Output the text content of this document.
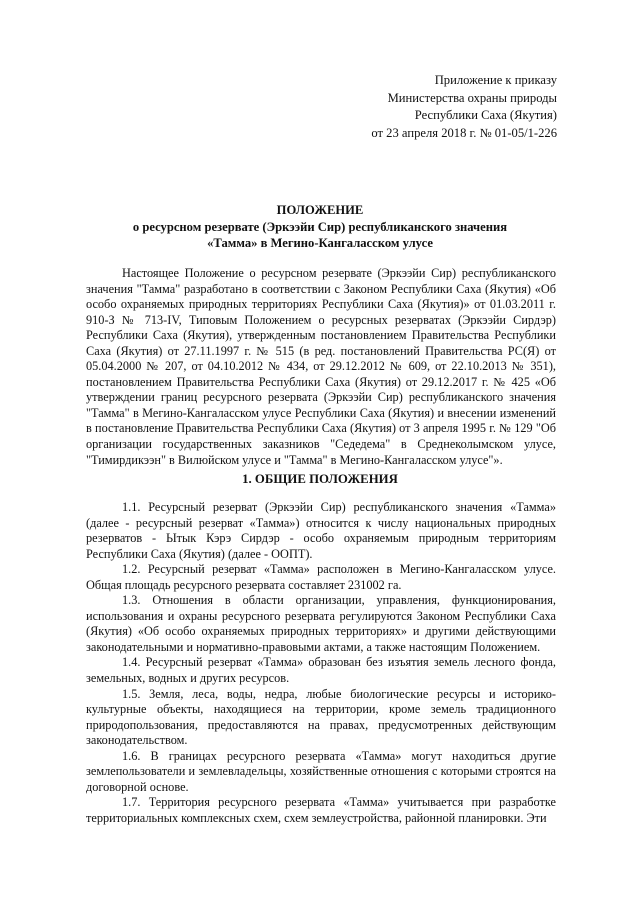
Приложение к приказу
Министерства охраны природы
Республики Саха (Якутия)
от 23 апреля 2018 г. № 01-05/1-226
ПОЛОЖЕНИЕ
о ресурсном резервате (Эркээйи Сир) республиканского значения
«Тамма» в Мегино-Кангаласском улусе

Настоящее Положение о ресурсном резервате (Эркээйи Сир) республиканского значения "Тамма" разработано в соответствии с Законом Республики Саха (Якутия) «Об особо охраняемых природных территориях Республики Саха (Якутия)» от 01.03.2011 г. 910-З № 713-IV, Типовым Положением о ресурсных резерватах (Эркээйи Сирдэр) Республики Саха (Якутия), утвержденным постановлением Правительства Республики Саха (Якутия) от 27.11.1997 г. № 515 (в ред. постановлений Правительства РС(Я) от 05.04.2000 № 207, от 04.10.2012 № 434, от 29.12.2012 № 609, от 22.10.2013 № 351), постановлением Правительства Республики Саха (Якутия) от 29.12.2017 г. № 425 «Об утверждении границ ресурсного резервата (Эркээйи Сир) республиканского значения "Тамма" в Мегино-Кангаласском улусе Республики Саха (Якутия) и внесении изменений в постановление Правительства Республики Саха (Якутия) от 3 апреля 1995 г. № 129 "Об организации государственных заказников "Седедема" в Среднеколымском улусе, "Тимирдикээн" в Вилюйском улусе и "Тамма" в Мегино-Кангаласском улусе"».

1. ОБЩИЕ ПОЛОЖЕНИЯ

1.1. Ресурсный резерват (Эркээйи Сир) республиканского значения «Тамма» (далее - ресурсный резерват «Тамма») относится к числу национальных природных резерватов - Ытык Кэрэ Сирдэр - особо охраняемым природным территориям Республики Саха (Якутия) (далее - ООПТ).

1.2. Ресурсный резерват «Тамма» расположен в Мегино-Кангаласском улусе. Общая площадь ресурсного резервата составляет 231002 га.

1.3. Отношения в области организации, управления, функционирования, использования и охраны ресурсного резервата регулируются Законом Республики Саха (Якутия) «Об особо охраняемых природных территориях» и другими действующими законодательными и нормативно-правовыми актами, а также настоящим Положением.

1.4. Ресурсный резерват «Тамма» образован без изъятия земель лесного фонда, земельных, водных и других ресурсов.

1.5. Земля, леса, воды, недра, любые биологические ресурсы и историко-культурные объекты, находящиеся на территории, кроме земель традиционного природопользования, предоставляются на правах, предусмотренных действующим законодательством.

1.6. В границах ресурсного резервата «Тамма» могут находиться другие землепользователи и землевладельцы, хозяйственные отношения с которыми строятся на договорной основе.

1.7. Территория ресурсного резервата «Тамма» учитывается при разработке территориальных комплексных схем, схем землеустройства, районной планировки. Эти
